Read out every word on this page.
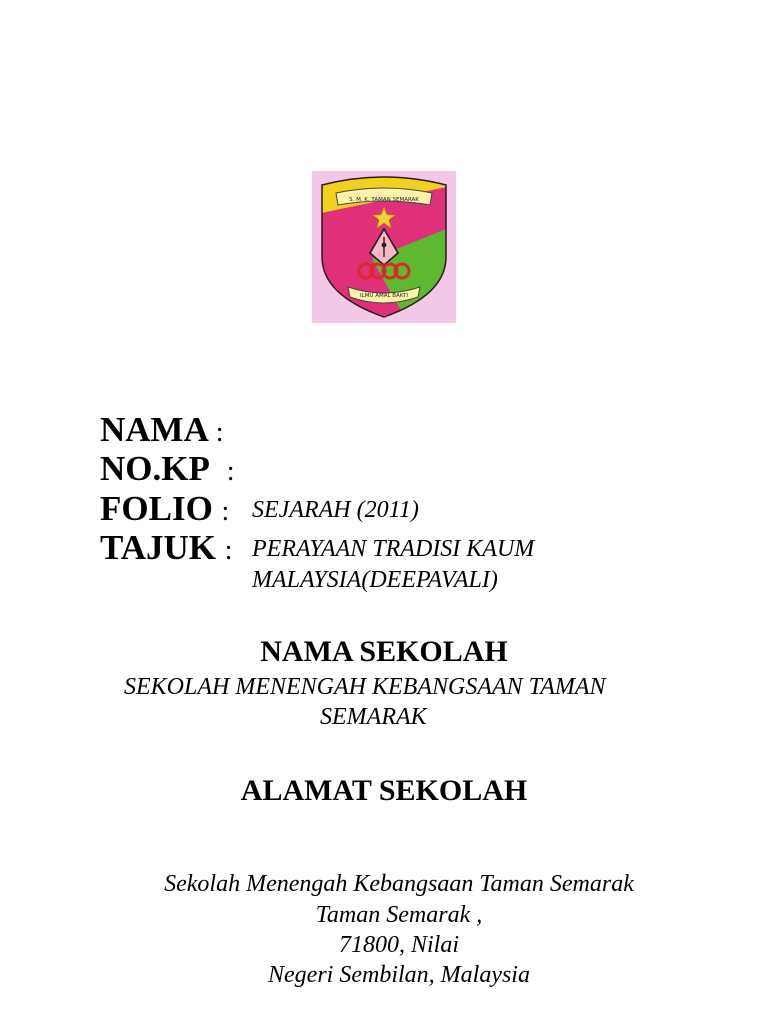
S. M. K. TAMAN SEMARAK
ILMU AMAL BAKTI
NAMA :
NO.KP :
FOLIO : SEJARAH (2011)
TAJUK : PERAYAAN TRADISI KAUM
MALAYSIA(DEEPAVALI)
NAMA SEKOLAH
SEKOLAH MENENGAH KEBANGSAAN TAMAN
SEMARAK
ALAMAT SEKOLAH
Sekolah Menengah Kebangsaan Taman Semarak
Taman Semarak ,
71800, Nilai
Negeri Sembilan, Malaysia
